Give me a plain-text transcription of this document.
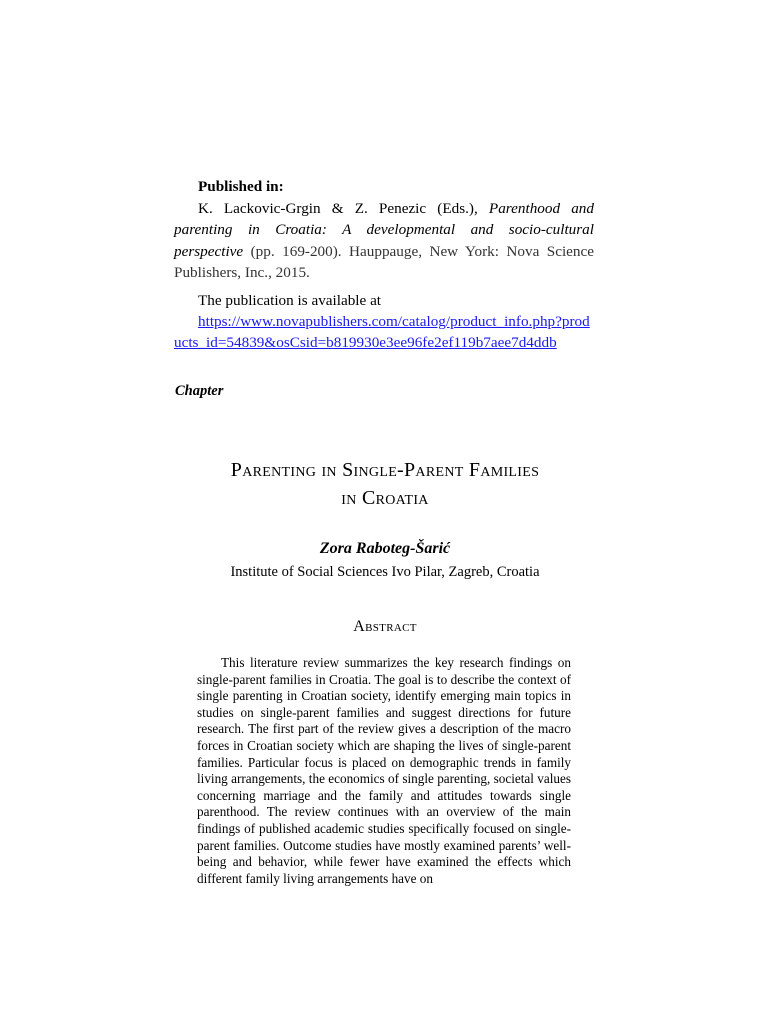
Published in:
K. Lackovic-Grgin & Z. Penezic (Eds.), Parenthood and parenting in Croatia: A developmental and socio-cultural perspective (pp. 169-200). Hauppauge, New York: Nova Science Publishers, Inc., 2015.
The publication is available at
https://www.novapublishers.com/catalog/product_info.php?products_id=54839&osCsid=b819930e3ee96fe2ef119b7aee7d4ddb
Chapter
Parenting in Single-Parent Families
in Croatia
Zora Raboteg-Šarić
Institute of Social Sciences Ivo Pilar, Zagreb, Croatia
Abstract
This literature review summarizes the key research findings on single-parent families in Croatia. The goal is to describe the context of single parenting in Croatian society, identify emerging main topics in studies on single-parent families and suggest directions for future research. The first part of the review gives a description of the macro forces in Croatian society which are shaping the lives of single-parent families. Particular focus is placed on demographic trends in family living arrangements, the economics of single parenting, societal values concerning marriage and the family and attitudes towards single parenthood. The review continues with an overview of the main findings of published academic studies specifically focused on single-parent families. Outcome studies have mostly examined parents’ well-being and behavior, while fewer have examined the effects which different family living arrangements have on
